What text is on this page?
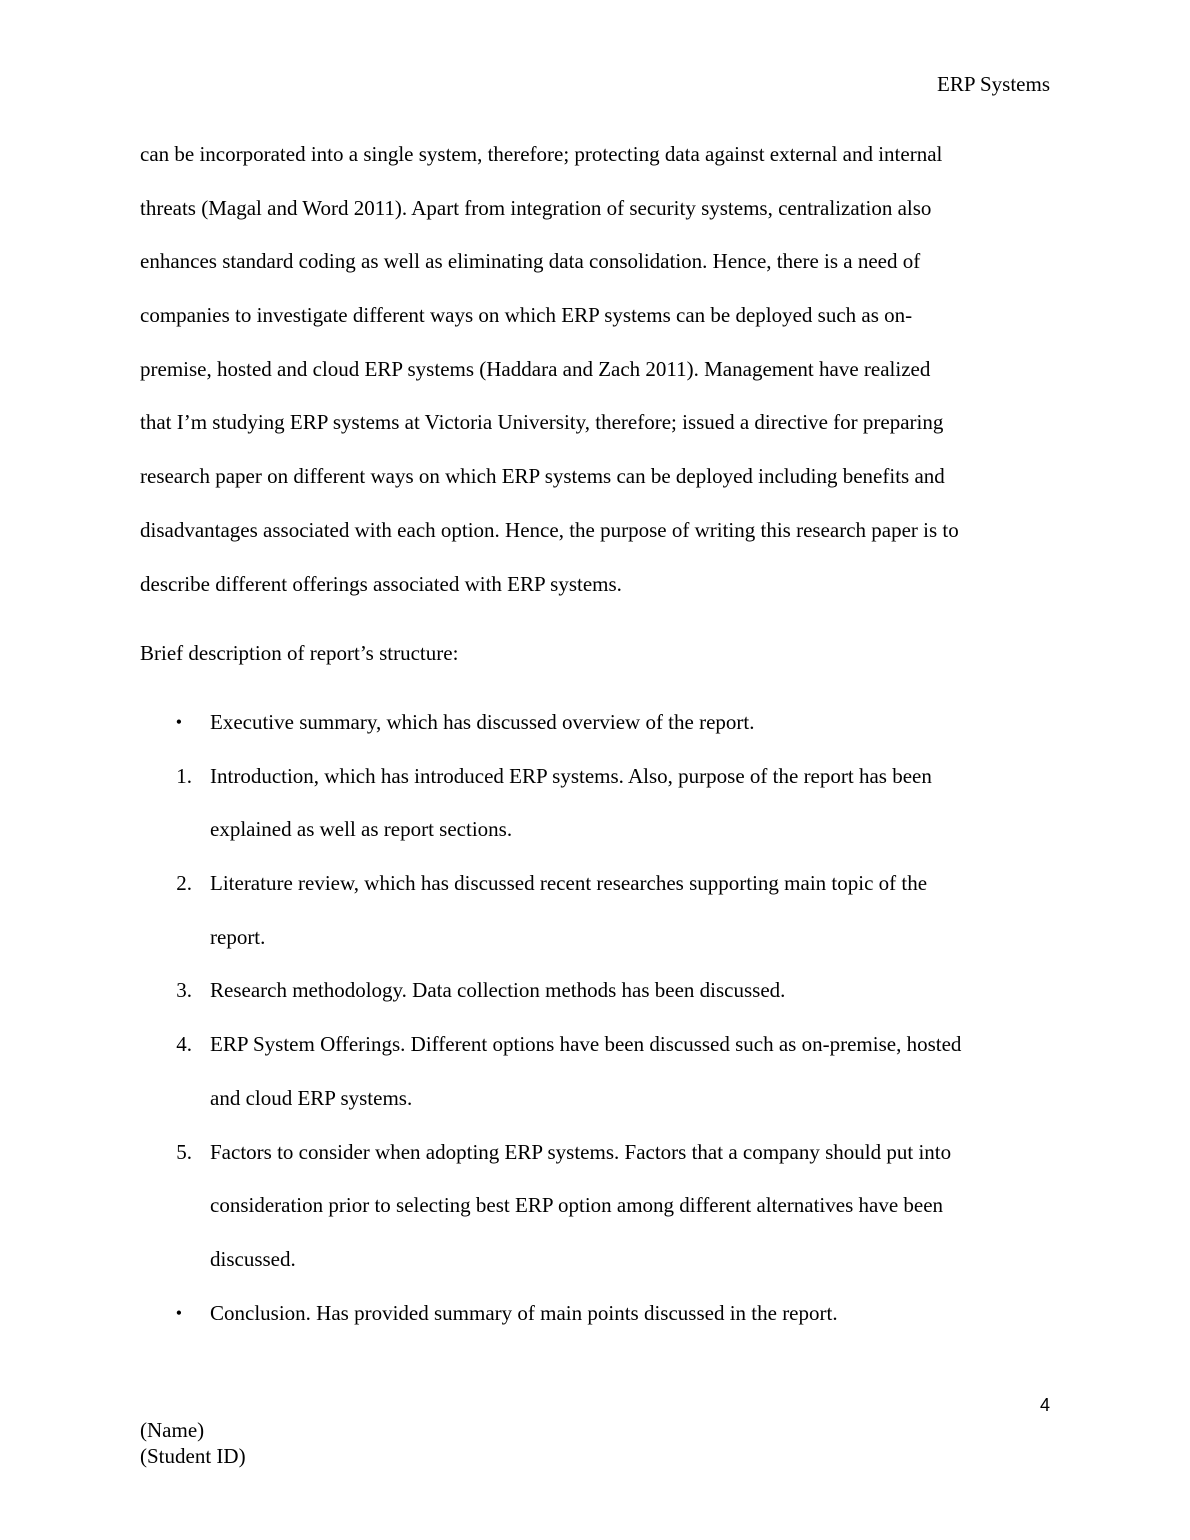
ERP Systems
can be incorporated into a single system, therefore; protecting data against external and internal
threats (Magal and Word 2011). Apart from integration of security systems, centralization also
enhances standard coding as well as eliminating data consolidation. Hence, there is a need of
companies to investigate different ways on which ERP systems can be deployed such as on-
premise, hosted and cloud ERP systems (Haddara and Zach 2011). Management have realized
that I’m studying ERP systems at Victoria University, therefore; issued a directive for preparing
research paper on different ways on which ERP systems can be deployed including benefits and
disadvantages associated with each option. Hence, the purpose of writing this research paper is to
describe different offerings associated with ERP systems.
Brief description of report’s structure:
• Executive summary, which has discussed overview of the report.
1. Introduction, which has introduced ERP systems. Also, purpose of the report has been
explained as well as report sections.
2. Literature review, which has discussed recent researches supporting main topic of the
report.
3. Research methodology. Data collection methods has been discussed.
4. ERP System Offerings. Different options have been discussed such as on-premise, hosted
and cloud ERP systems.
5. Factors to consider when adopting ERP systems. Factors that a company should put into
consideration prior to selecting best ERP option among different alternatives have been
discussed.
• Conclusion. Has provided summary of main points discussed in the report.
4
(Name)
(Student ID)
